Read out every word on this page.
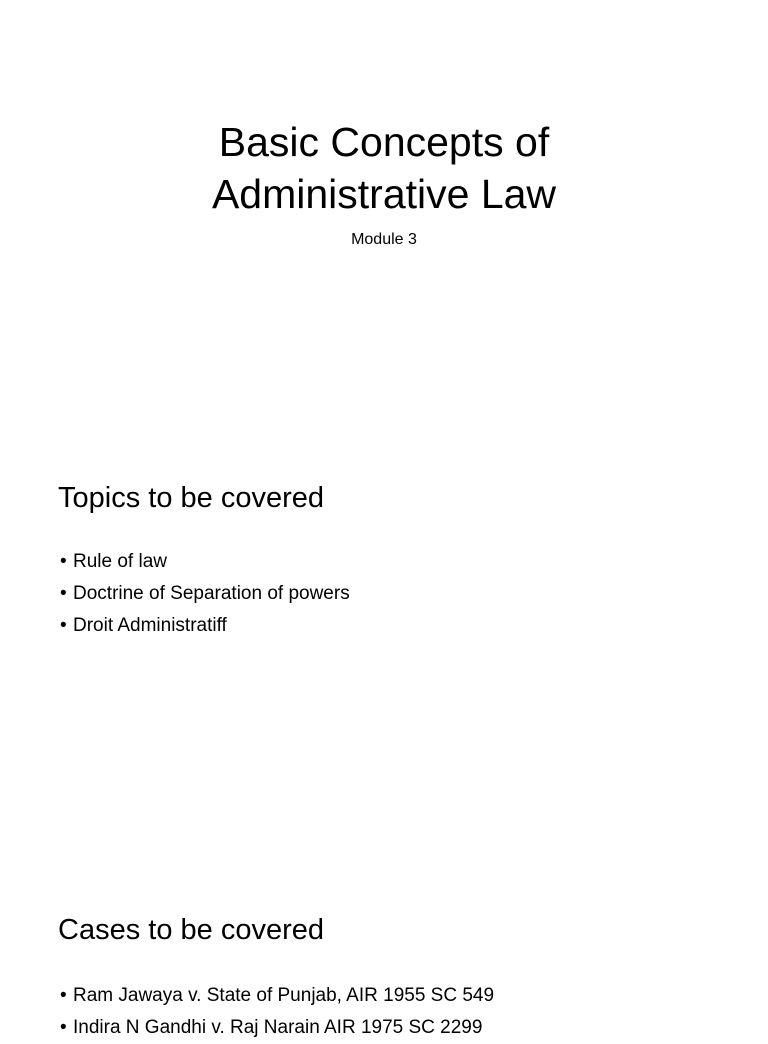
Basic Concepts of
Administrative Law

Module 3

Topics to be covered
• Rule of law
• Doctrine of Separation of powers
• Droit Administratiff
Cases to be covered
• Ram Jawaya v. State of Punjab, AIR 1955 SC 549
• Indira N Gandhi v. Raj Narain AIR 1975 SC 2299
